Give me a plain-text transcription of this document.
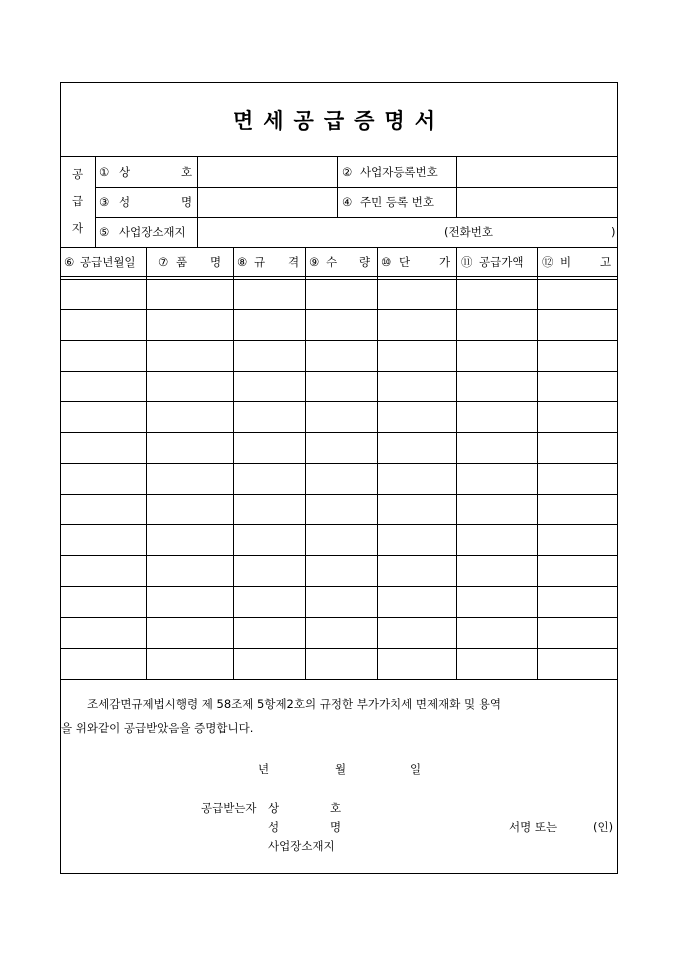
면세공급증명서
공
급
자
① 상	호	② 사업자등록번호
③ 성	명	④ 주민 등록 번호
⑤ 사업장소재지	(전화번호	)
⑥ 공급년월일 ⑦ 품 명 ⑧ 규 격 ⑨ 수 량 ⑩ 단	가 ⑪ 공급가액 ⑫ 비	고
조세감면규제법시행령 제 58조제 5항제2호의 규정한 부가가치세 면제재화 및 용역
을 위와같이 공급받았음을 증명합니다.
년	월	일
공급받는자 상	호
성	명	서명 또는	(인)
사업장소재지
